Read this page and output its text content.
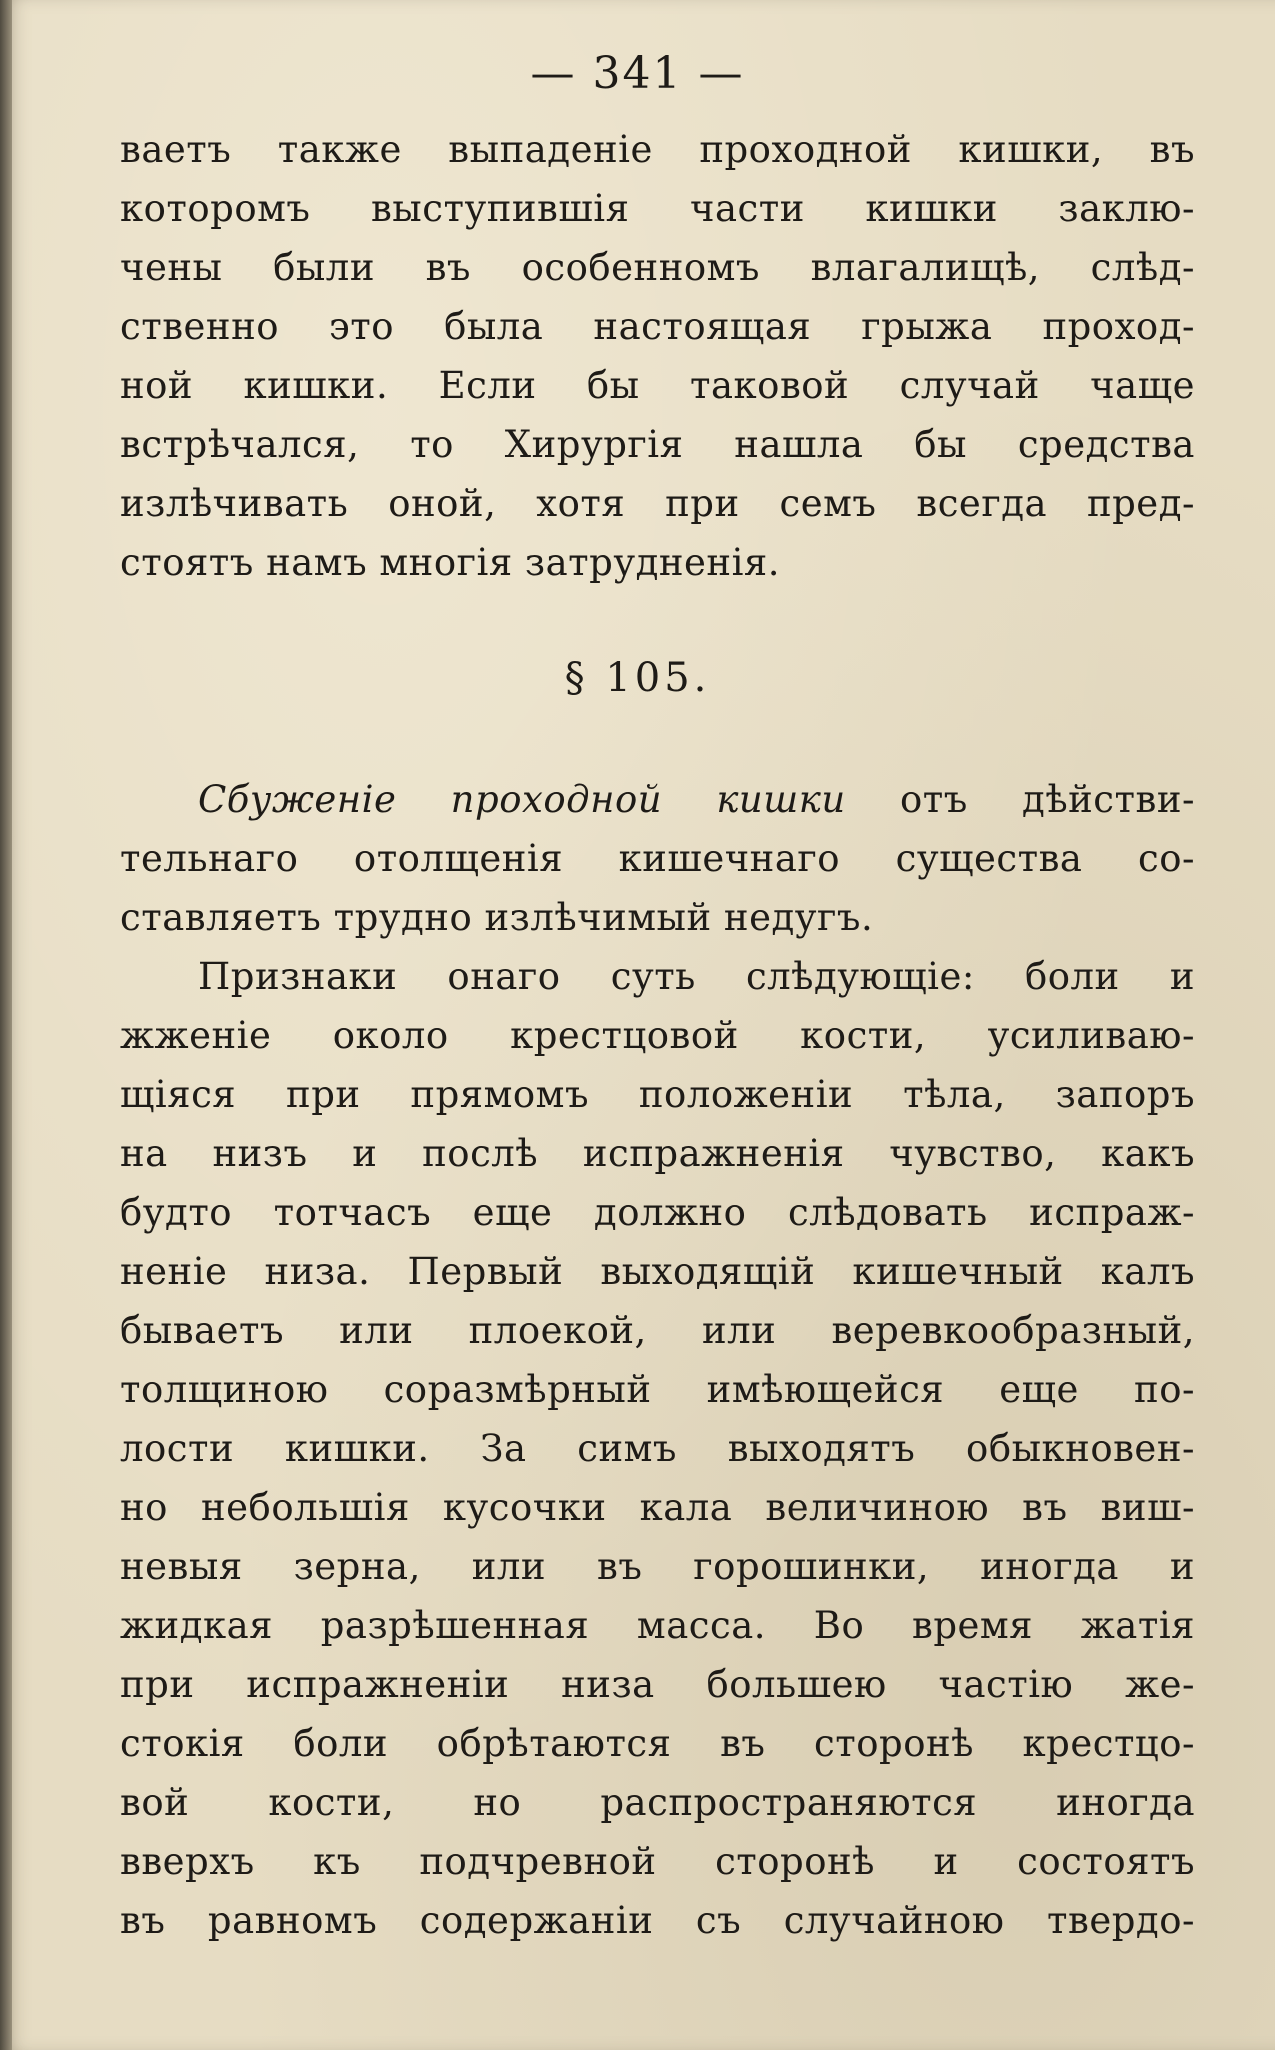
— 341 —
ваетъ также выпаденіе проходной кишки, въ
которомъ выступившія части кишки заклю-
чены были въ особенномъ влагалищѣ, слѣд-
ственно это была настоящая грыжа проход-
ной кишки. Если бы таковой случай чаще
встрѣчался, то Хирургія нашла бы средства
излѣчивать оной, хотя при семъ всегда пред-
стоятъ намъ многія затрудненія.
§ 105.
Сбуженіе проходной кишки отъ дѣйстви-
тельнаго отолщенія кишечнаго существа со-
ставляетъ трудно излѣчимый недугъ.
Признаки онаго суть слѣдующіе: боли и
жженіе около крестцовой кости, усиливаю-
щіяся при прямомъ положеніи тѣла, запоръ
на низъ и послѣ испражненія чувство, какъ
будто тотчасъ еще должно слѣдовать испраж-
неніе низа. Первый выходящій кишечный калъ
бываетъ или плоекой, или веревкообразный,
толщиною соразмѣрный имѣющейся еще по-
лости кишки. За симъ выходятъ обыкновен-
но небольшія кусочки кала величиною въ виш-
невыя зерна, или въ горошинки, иногда и
жидкая разрѣшенная масса. Во время жатія
при испражненіи низа большею частію же-
стокія боли обрѣтаются въ сторонѣ крестцо-
вой кости, но распространяются иногда
вверхъ къ подчревной сторонѣ и состоятъ
въ равномъ содержаніи съ случайною твердо-
